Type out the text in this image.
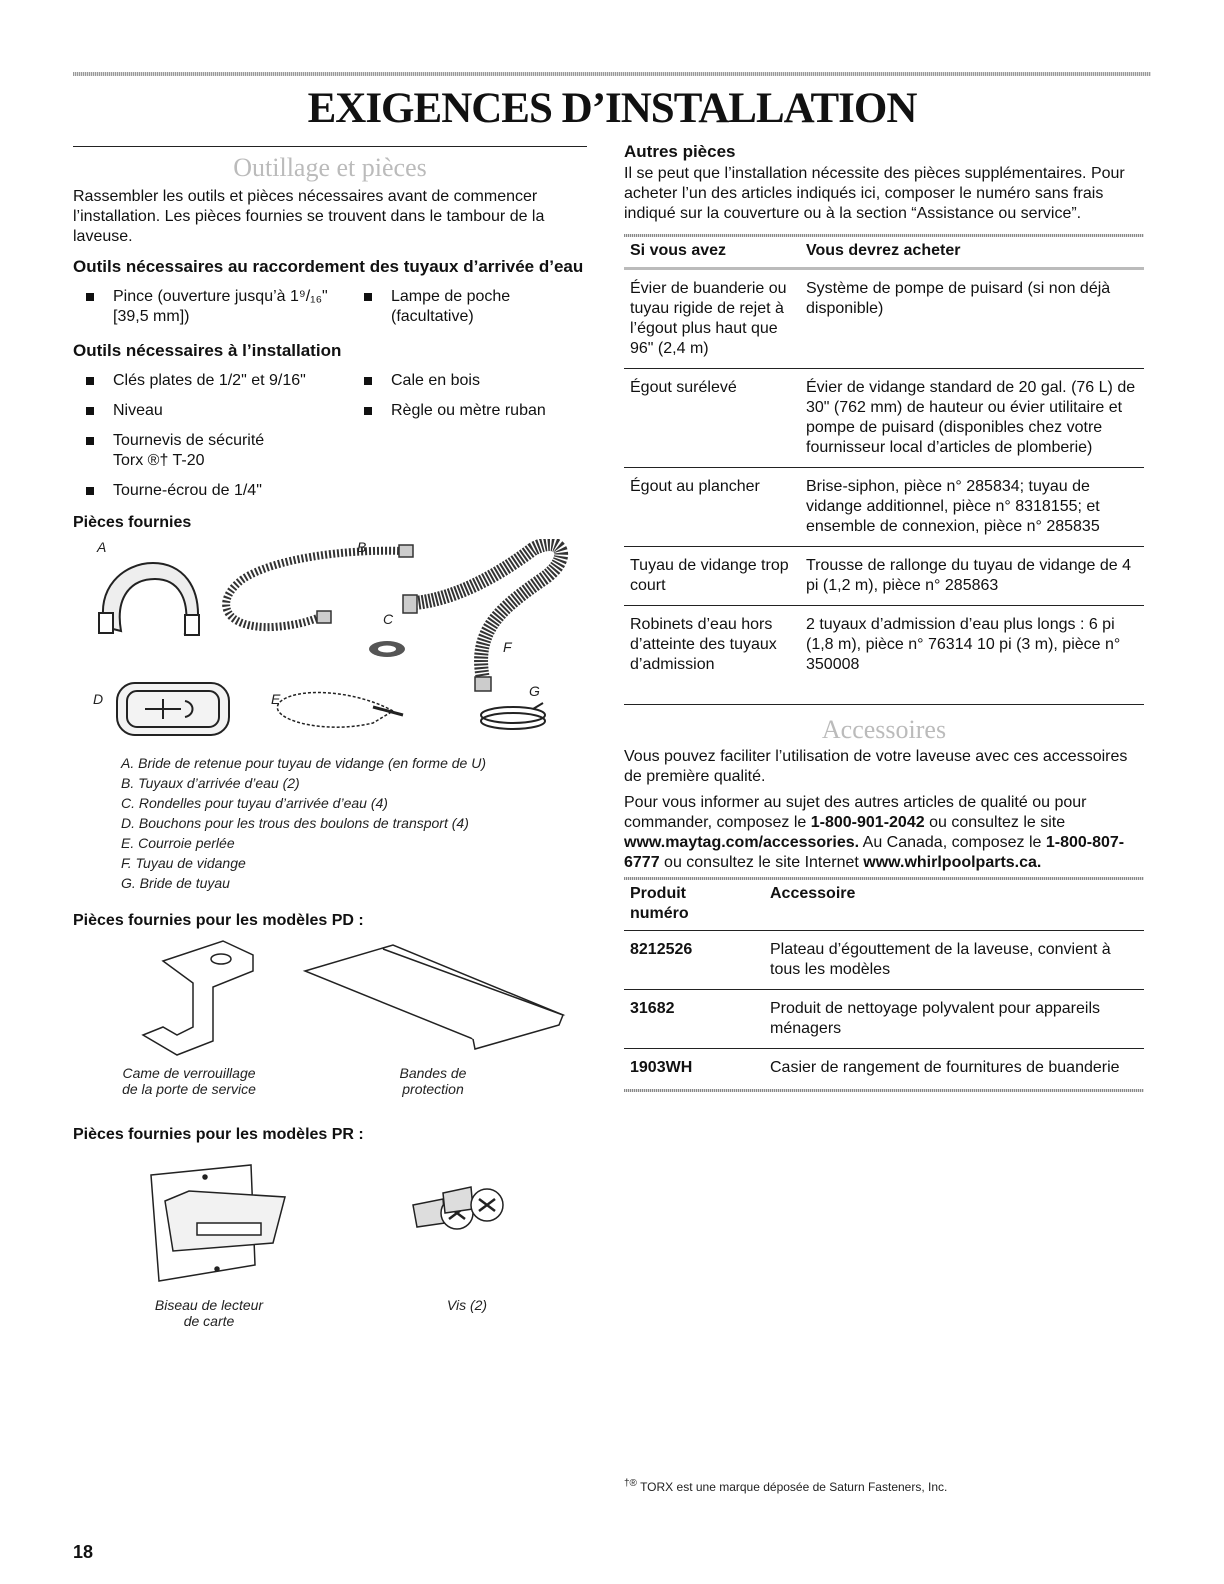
EXIGENCES D’INSTALLATION
Outillage et pièces

Rassembler les outils et pièces nécessaires avant de commencer l’installation. Les pièces fournies se trouvent dans le tambour de la laveuse.

Outils nécessaires au raccordement des tuyaux d’arrivée d’eau
Pince (ouverture jusqu’à 1⁹/₁₆" [39,5 mm])
Lampe de poche (facultative)
Outils nécessaires à l’installation
Clés plates de 1/2" et 9/16"	Cale en bois
Niveau	Règle ou mètre ruban
Tournevis de sécurité Torx ®† T-20
Tourne-écrou de 1/4"
Pièces fournies
A	B
C
D	E
F
G
A. Bride de retenue pour tuyau de vidange (en forme de U)
B. Tuyaux d’arrivée d’eau (2)
C. Rondelles pour tuyau d’arrivée d’eau (4)
D. Bouchons pour les trous des boulons de transport (4)
E. Courroie perlée
F. Tuyau de vidange
G. Bride de tuyau
Pièces fournies pour les modèles PD :
Came de verrouillage
de la porte de service
Bandes de
protection
Pièces fournies pour les modèles PR :
Biseau de lecteur
de carte
Vis (2)
Autres pièces

Il se peut que l’installation nécessite des pièces supplémentaires. Pour acheter l’un des articles indiqués ici, composer le numéro sans frais indiqué sur la couverture ou à la section “Assistance ou service”.

Si vous avez	Vous devrez acheter
Évier de buanderie ou tuyau rigide de rejet à l’égout plus haut que 96" (2,4 m)	Système de pompe de puisard (si non déjà disponible)
Égout surélevé	Évier de vidange standard de 20 gal. (76 L) de 30" (762 mm) de hauteur ou évier utilitaire et pompe de puisard (disponibles chez votre fournisseur local d’articles de plomberie)
Égout au plancher	Brise-siphon, pièce n° 285834; tuyau de vidange additionnel, pièce n° 8318155; et ensemble de connexion, pièce n° 285835
Tuyau de vidange trop court	Trousse de rallonge du tuyau de vidange de 4 pi (1,2 m), pièce n° 285863
Robinets d’eau hors d’atteinte des tuyaux d’admission	2 tuyaux d’admission d’eau plus longs : 6 pi (1,8 m), pièce n° 76314 10 pi (3 m), pièce n° 350008
Accessoires

Vous pouvez faciliter l’utilisation de votre laveuse avec ces accessoires de première qualité.

Pour vous informer au sujet des autres articles de qualité ou pour commander, composez le 1-800-901-2042 ou consultez le site www.maytag.com/accessories. Au Canada, composez le 1-800-807-6777 ou consultez le site Internet www.whirlpoolparts.ca.

Produit numéro	Accessoire
8212526	Plateau d’égouttement de la laveuse, convient à tous les modèles
31682	Produit de nettoyage polyvalent pour appareils ménagers
1903WH	Casier de rangement de fournitures de buanderie
†® TORX est une marque déposée de Saturn Fasteners, Inc.
18
